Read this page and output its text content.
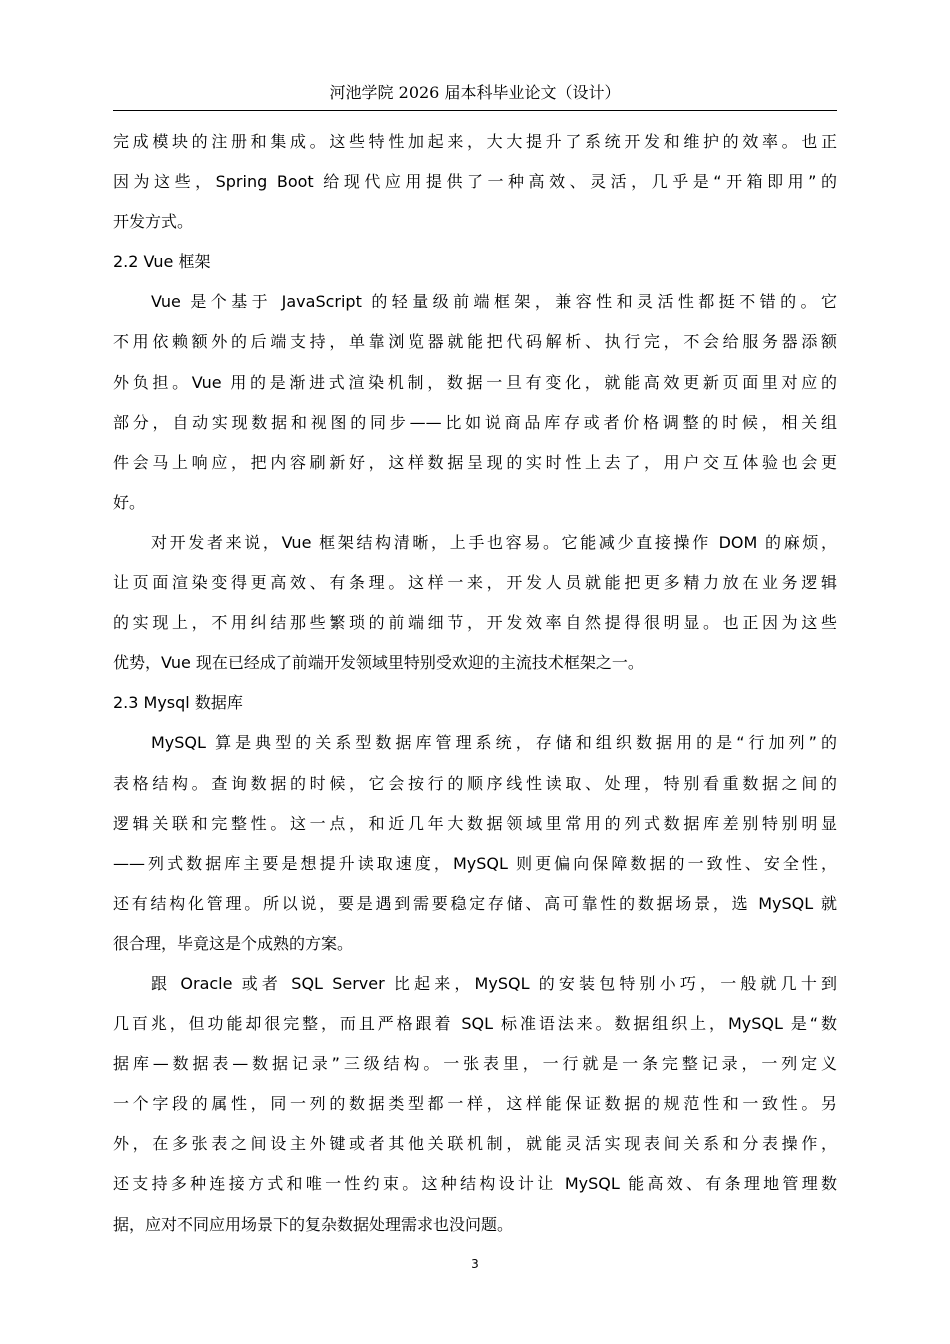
河池学院 2026 届本科毕业论文（设计）
完成模块的注册和集成。这些特性加起来，大大提升了系统开发和维护的效率。也正
因为这些，Spring Boot 给现代应用提供了一种高效、灵活，几乎是“开箱即用”的
开发方式。
2.2 Vue 框架
Vue 是个基于 JavaScript 的轻量级前端框架，兼容性和灵活性都挺不错的。它
不用依赖额外的后端支持，单靠浏览器就能把代码解析、执行完，不会给服务器添额
外负担。Vue 用的是渐进式渲染机制，数据一旦有变化，就能高效更新页面里对应的
部分，自动实现数据和视图的同步——比如说商品库存或者价格调整的时候，相关组
件会马上响应，把内容刷新好，这样数据呈现的实时性上去了，用户交互体验也会更
好。
对开发者来说，Vue 框架结构清晰，上手也容易。它能减少直接操作 DOM 的麻烦，
让页面渲染变得更高效、有条理。这样一来，开发人员就能把更多精力放在业务逻辑
的实现上，不用纠结那些繁琐的前端细节，开发效率自然提得很明显。也正因为这些
优势，Vue 现在已经成了前端开发领域里特别受欢迎的主流技术框架之一。
2.3 Mysql 数据库
MySQL 算是典型的关系型数据库管理系统，存储和组织数据用的是“行加列”的
表格结构。查询数据的时候，它会按行的顺序线性读取、处理，特别看重数据之间的
逻辑关联和完整性。这一点，和近几年大数据领域里常用的列式数据库差别特别明显
——列式数据库主要是想提升读取速度，MySQL 则更偏向保障数据的一致性、安全性，
还有结构化管理。所以说，要是遇到需要稳定存储、高可靠性的数据场景，选 MySQL 就
很合理，毕竟这是个成熟的方案。
跟 Oracle 或者 SQL Server 比起来，MySQL 的安装包特别小巧，一般就几十到
几百兆，但功能却很完整，而且严格跟着 SQL 标准语法来。数据组织上，MySQL 是“数
据库—数据表—数据记录”三级结构。一张表里，一行就是一条完整记录，一列定义
一个字段的属性，同一列的数据类型都一样，这样能保证数据的规范性和一致性。另
外，在多张表之间设主外键或者其他关联机制，就能灵活实现表间关系和分表操作，
还支持多种连接方式和唯一性约束。这种结构设计让 MySQL 能高效、有条理地管理数
据，应对不同应用场景下的复杂数据处理需求也没问题。
3
